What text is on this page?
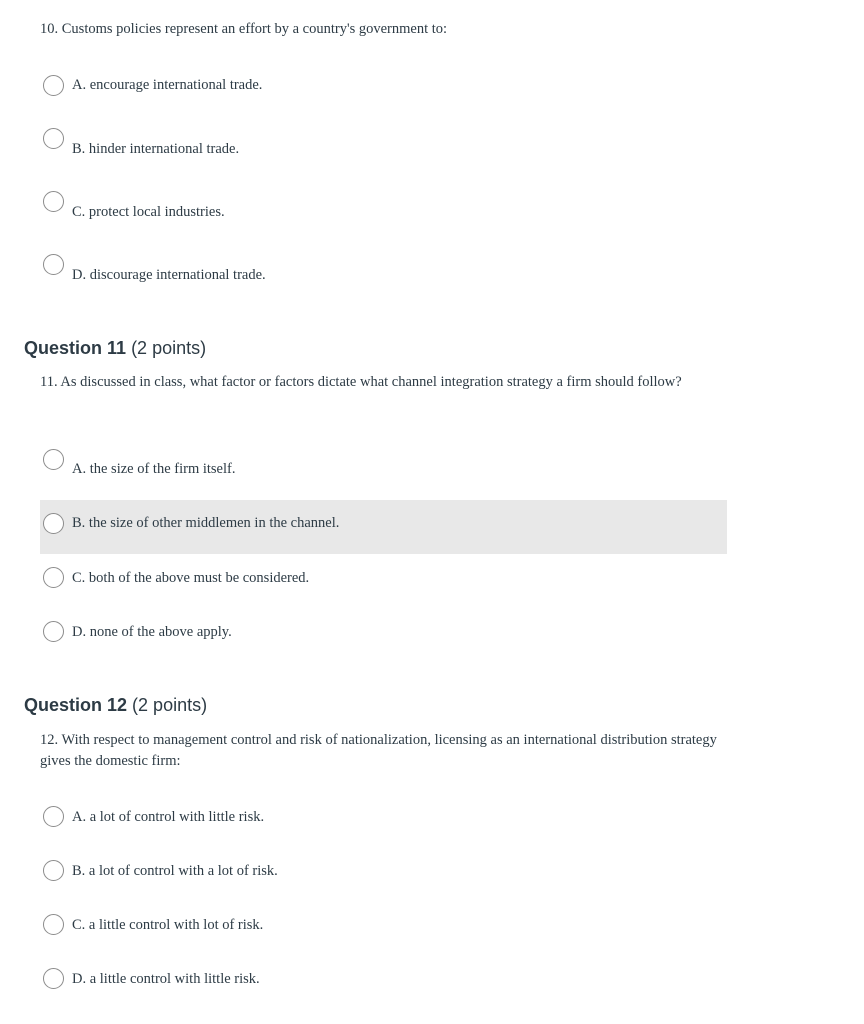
10. Customs policies represent an effort by a country's government to:
A. encourage international trade.
B. hinder international trade.
C. protect local industries.
D. discourage international trade.
Question 11 (2 points)
11. As discussed in class, what factor or factors dictate what channel integration strategy a firm should follow?
A. the size of the firm itself.
B. the size of other middlemen in the channel.
C. both of the above must be considered.
D. none of the above apply.
Question 12 (2 points)
12. With respect to management control and risk of nationalization, licensing as an international distribution strategy gives the domestic firm:
A. a lot of control with little risk.
B. a lot of control with a lot of risk.
C. a little control with lot of risk.
D. a little control with little risk.
